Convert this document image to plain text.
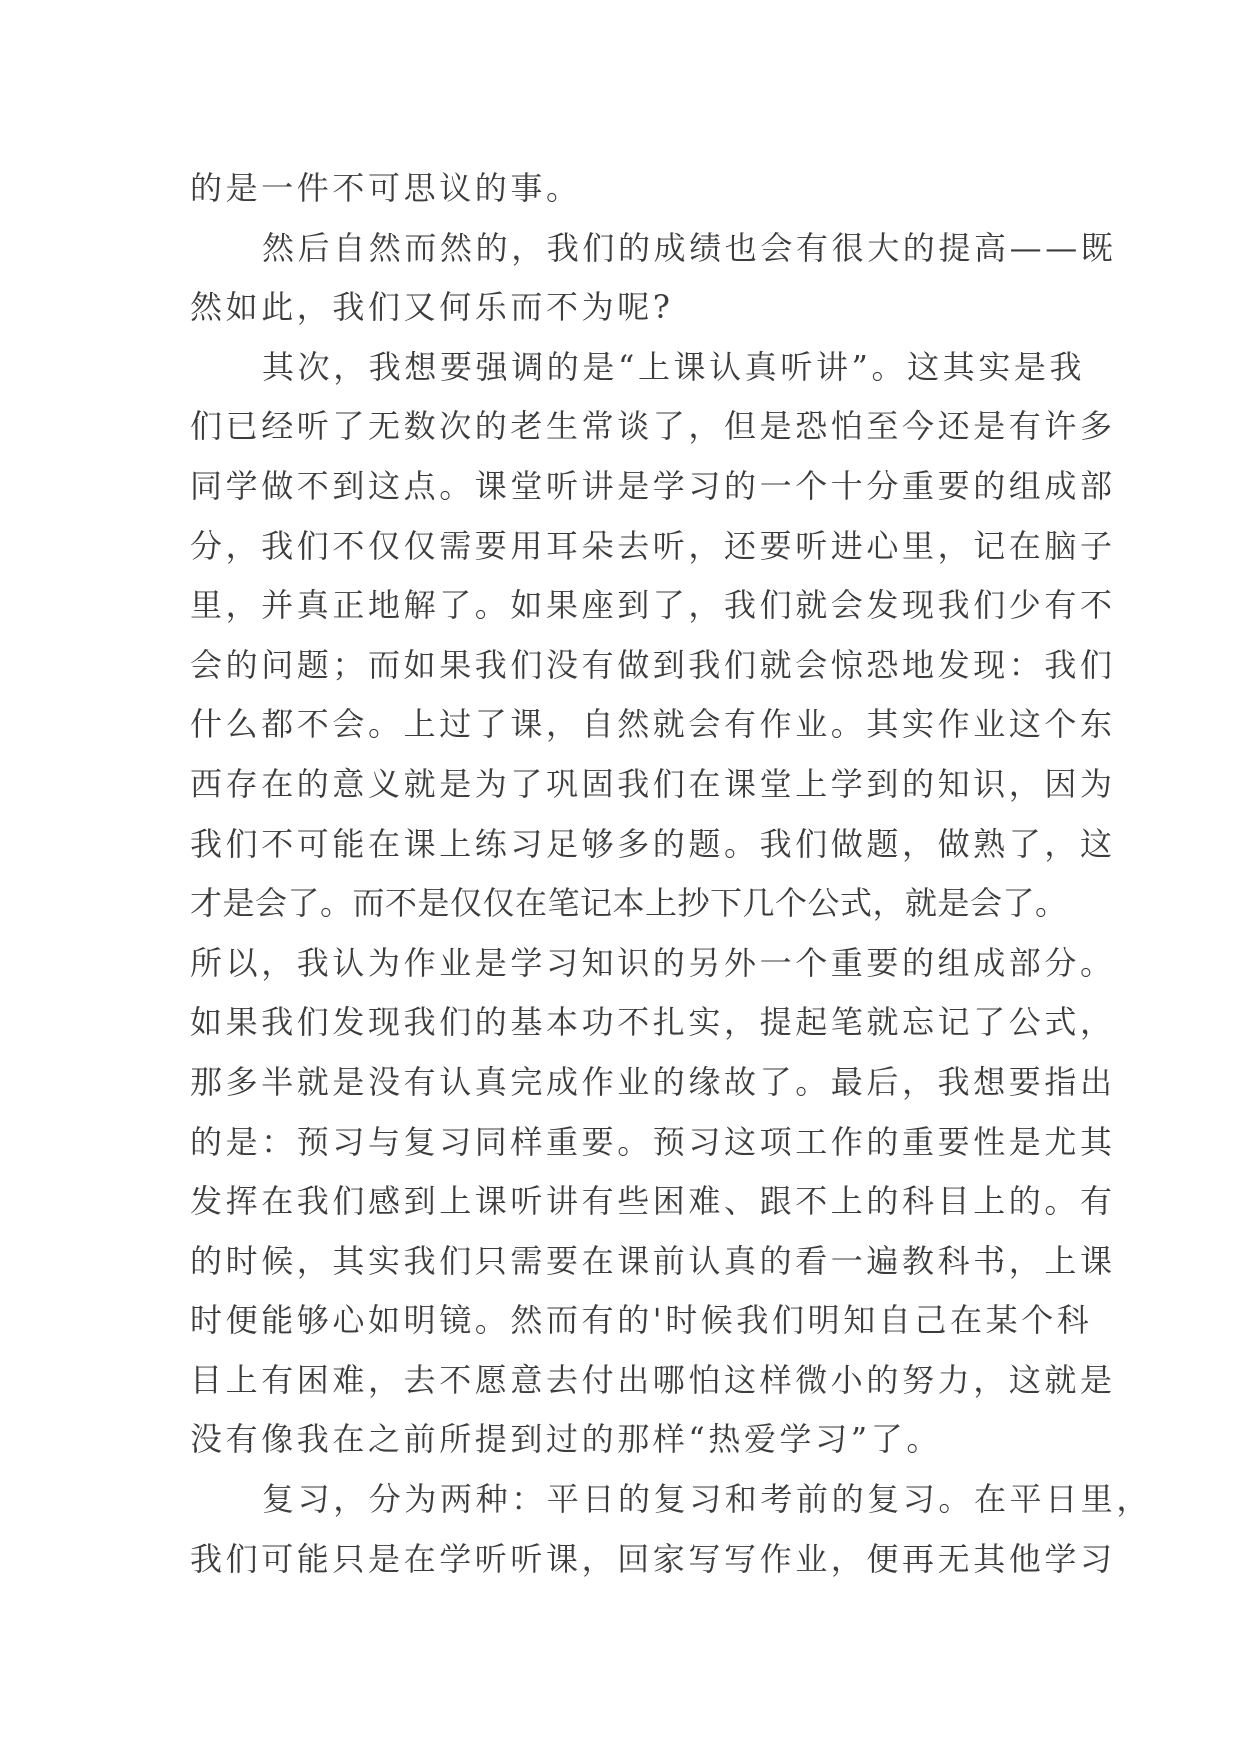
的是一件不可思议的事。
然后自然而然的，我们的成绩也会有很大的提高——既
然如此，我们又何乐而不为呢?
其次，我想要强调的是“上课认真听讲”。这其实是我
们已经听了无数次的老生常谈了，但是恐怕至今还是有许多
同学做不到这点。课堂听讲是学习的一个十分重要的组成部
分，我们不仅仅需要用耳朵去听，还要听进心里，记在脑子
里，并真正地解了。如果座到了，我们就会发现我们少有不
会的问题；而如果我们没有做到我们就会惊恐地发现：我们
什么都不会。上过了课，自然就会有作业。其实作业这个东
西存在的意义就是为了巩固我们在课堂上学到的知识，因为
我们不可能在课上练习足够多的题。我们做题，做熟了，这
才是会了。而不是仅仅在笔记本上抄下几个公式，就是会了。
所以，我认为作业是学习知识的另外一个重要的组成部分。
如果我们发现我们的基本功不扎实，提起笔就忘记了公式，
那多半就是没有认真完成作业的缘故了。最后，我想要指出
的是：预习与复习同样重要。预习这项工作的重要性是尤其
发挥在我们感到上课听讲有些困难、跟不上的科目上的。有
的时候，其实我们只需要在课前认真的看一遍教科书，上课
时便能够心如明镜。然而有的'时候我们明知自己在某个科
目上有困难，去不愿意去付出哪怕这样微小的努力，这就是
没有像我在之前所提到过的那样“热爱学习”了。
复习，分为两种：平日的复习和考前的复习。在平日里，
我们可能只是在学听听课，回家写写作业，便再无其他学习
